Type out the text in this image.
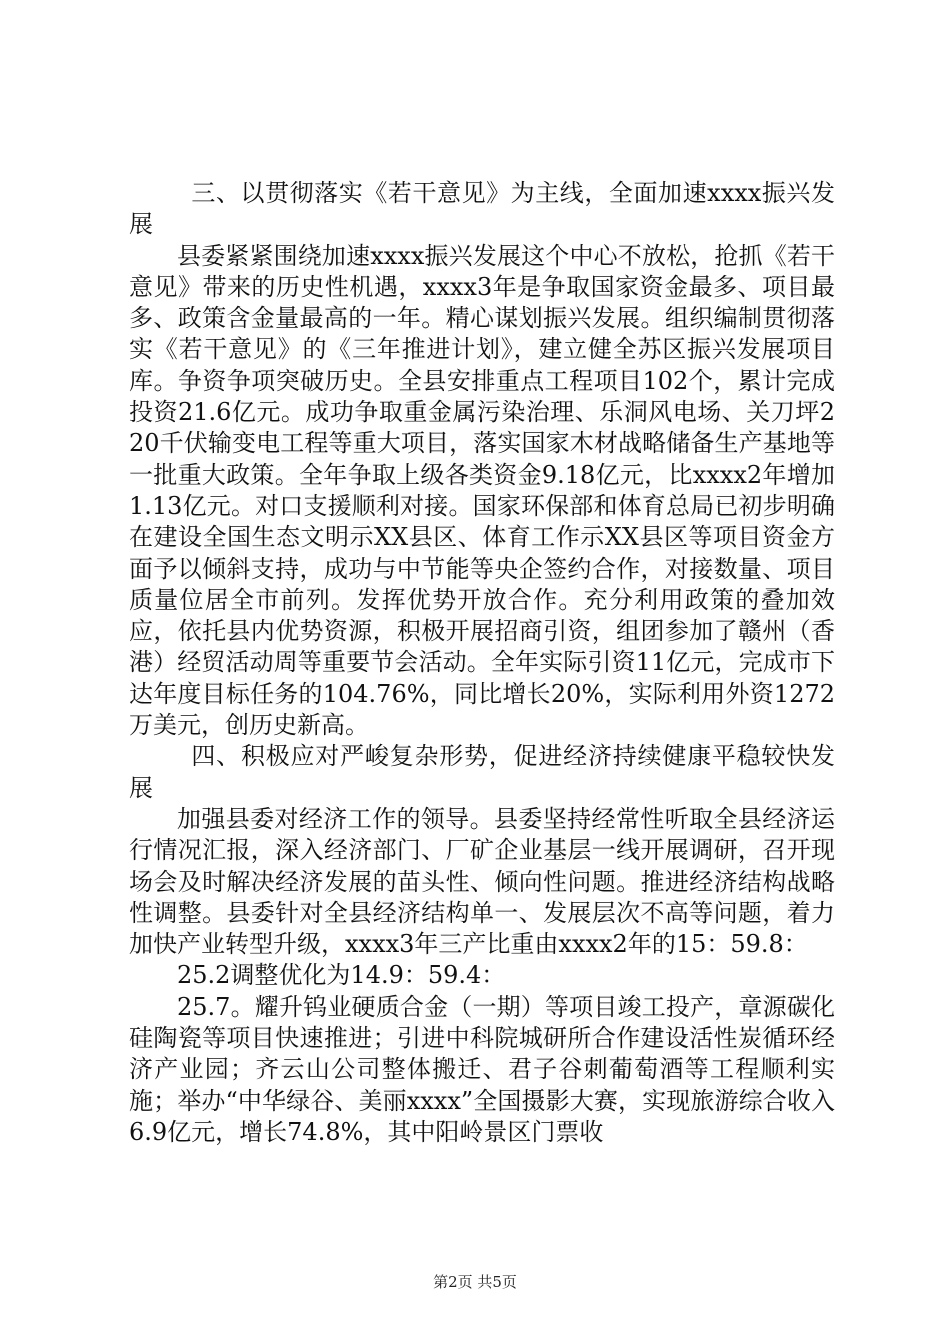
三、以贯彻落实《若干意见》为主线，全面加速xxxx振兴发展

县委紧紧围绕加速xxxx振兴发展这个中心不放松，抢抓《若干意见》带来的历史性机遇，xxxx3年是争取国家资金最多、项目最多、政策含金量最高的一年。精心谋划振兴发展。组织编制贯彻落实《若干意见》的《三年推进计划》，建立健全苏区振兴发展项目库。争资争项突破历史。全县安排重点工程项目102个，累计完成投资21.6亿元。成功争取重金属污染治理、乐洞风电场、关刀坪220千伏输变电工程等重大项目，落实国家木材战略储备生产基地等一批重大政策。全年争取上级各类资金9.18亿元，比xxxx2年增加1.13亿元。对口支援顺利对接。国家环保部和体育总局已初步明确在建设全国生态文明示XX县区、体育工作示XX县区等项目资金方面予以倾斜支持，成功与中节能等央企签约合作，对接数量、项目质量位居全市前列。发挥优势开放合作。充分利用政策的叠加效应，依托县内优势资源，积极开展招商引资，组团参加了赣州（香港）经贸活动周等重要节会活动。全年实际引资11亿元，完成市下达年度目标任务的104.76%，同比增长20%，实际利用外资1272万美元，创历史新高。

四、积极应对严峻复杂形势，促进经济持续健康平稳较快发展

加强县委对经济工作的领导。县委坚持经常性听取全县经济运行情况汇报，深入经济部门、厂矿企业基层一线开展调研，召开现场会及时解决经济发展的苗头性、倾向性问题。推进经济结构战略性调整。县委针对全县经济结构单一、发展层次不高等问题，着力加快产业转型升级，xxxx3年三产比重由xxxx2年的15：59.8：

25.2调整优化为14.9：59.4：

25.7。耀升钨业硬质合金（一期）等项目竣工投产，章源碳化硅陶瓷等项目快速推进；引进中科院城研所合作建设活性炭循环经济产业园；齐云山公司整体搬迁、君子谷刺葡萄酒等工程顺利实施；举办“中华绿谷、美丽xxxx”全国摄影大赛，实现旅游综合收入6.9亿元，增长74.8%，其中阳岭景区门票收

第2页 共5页
